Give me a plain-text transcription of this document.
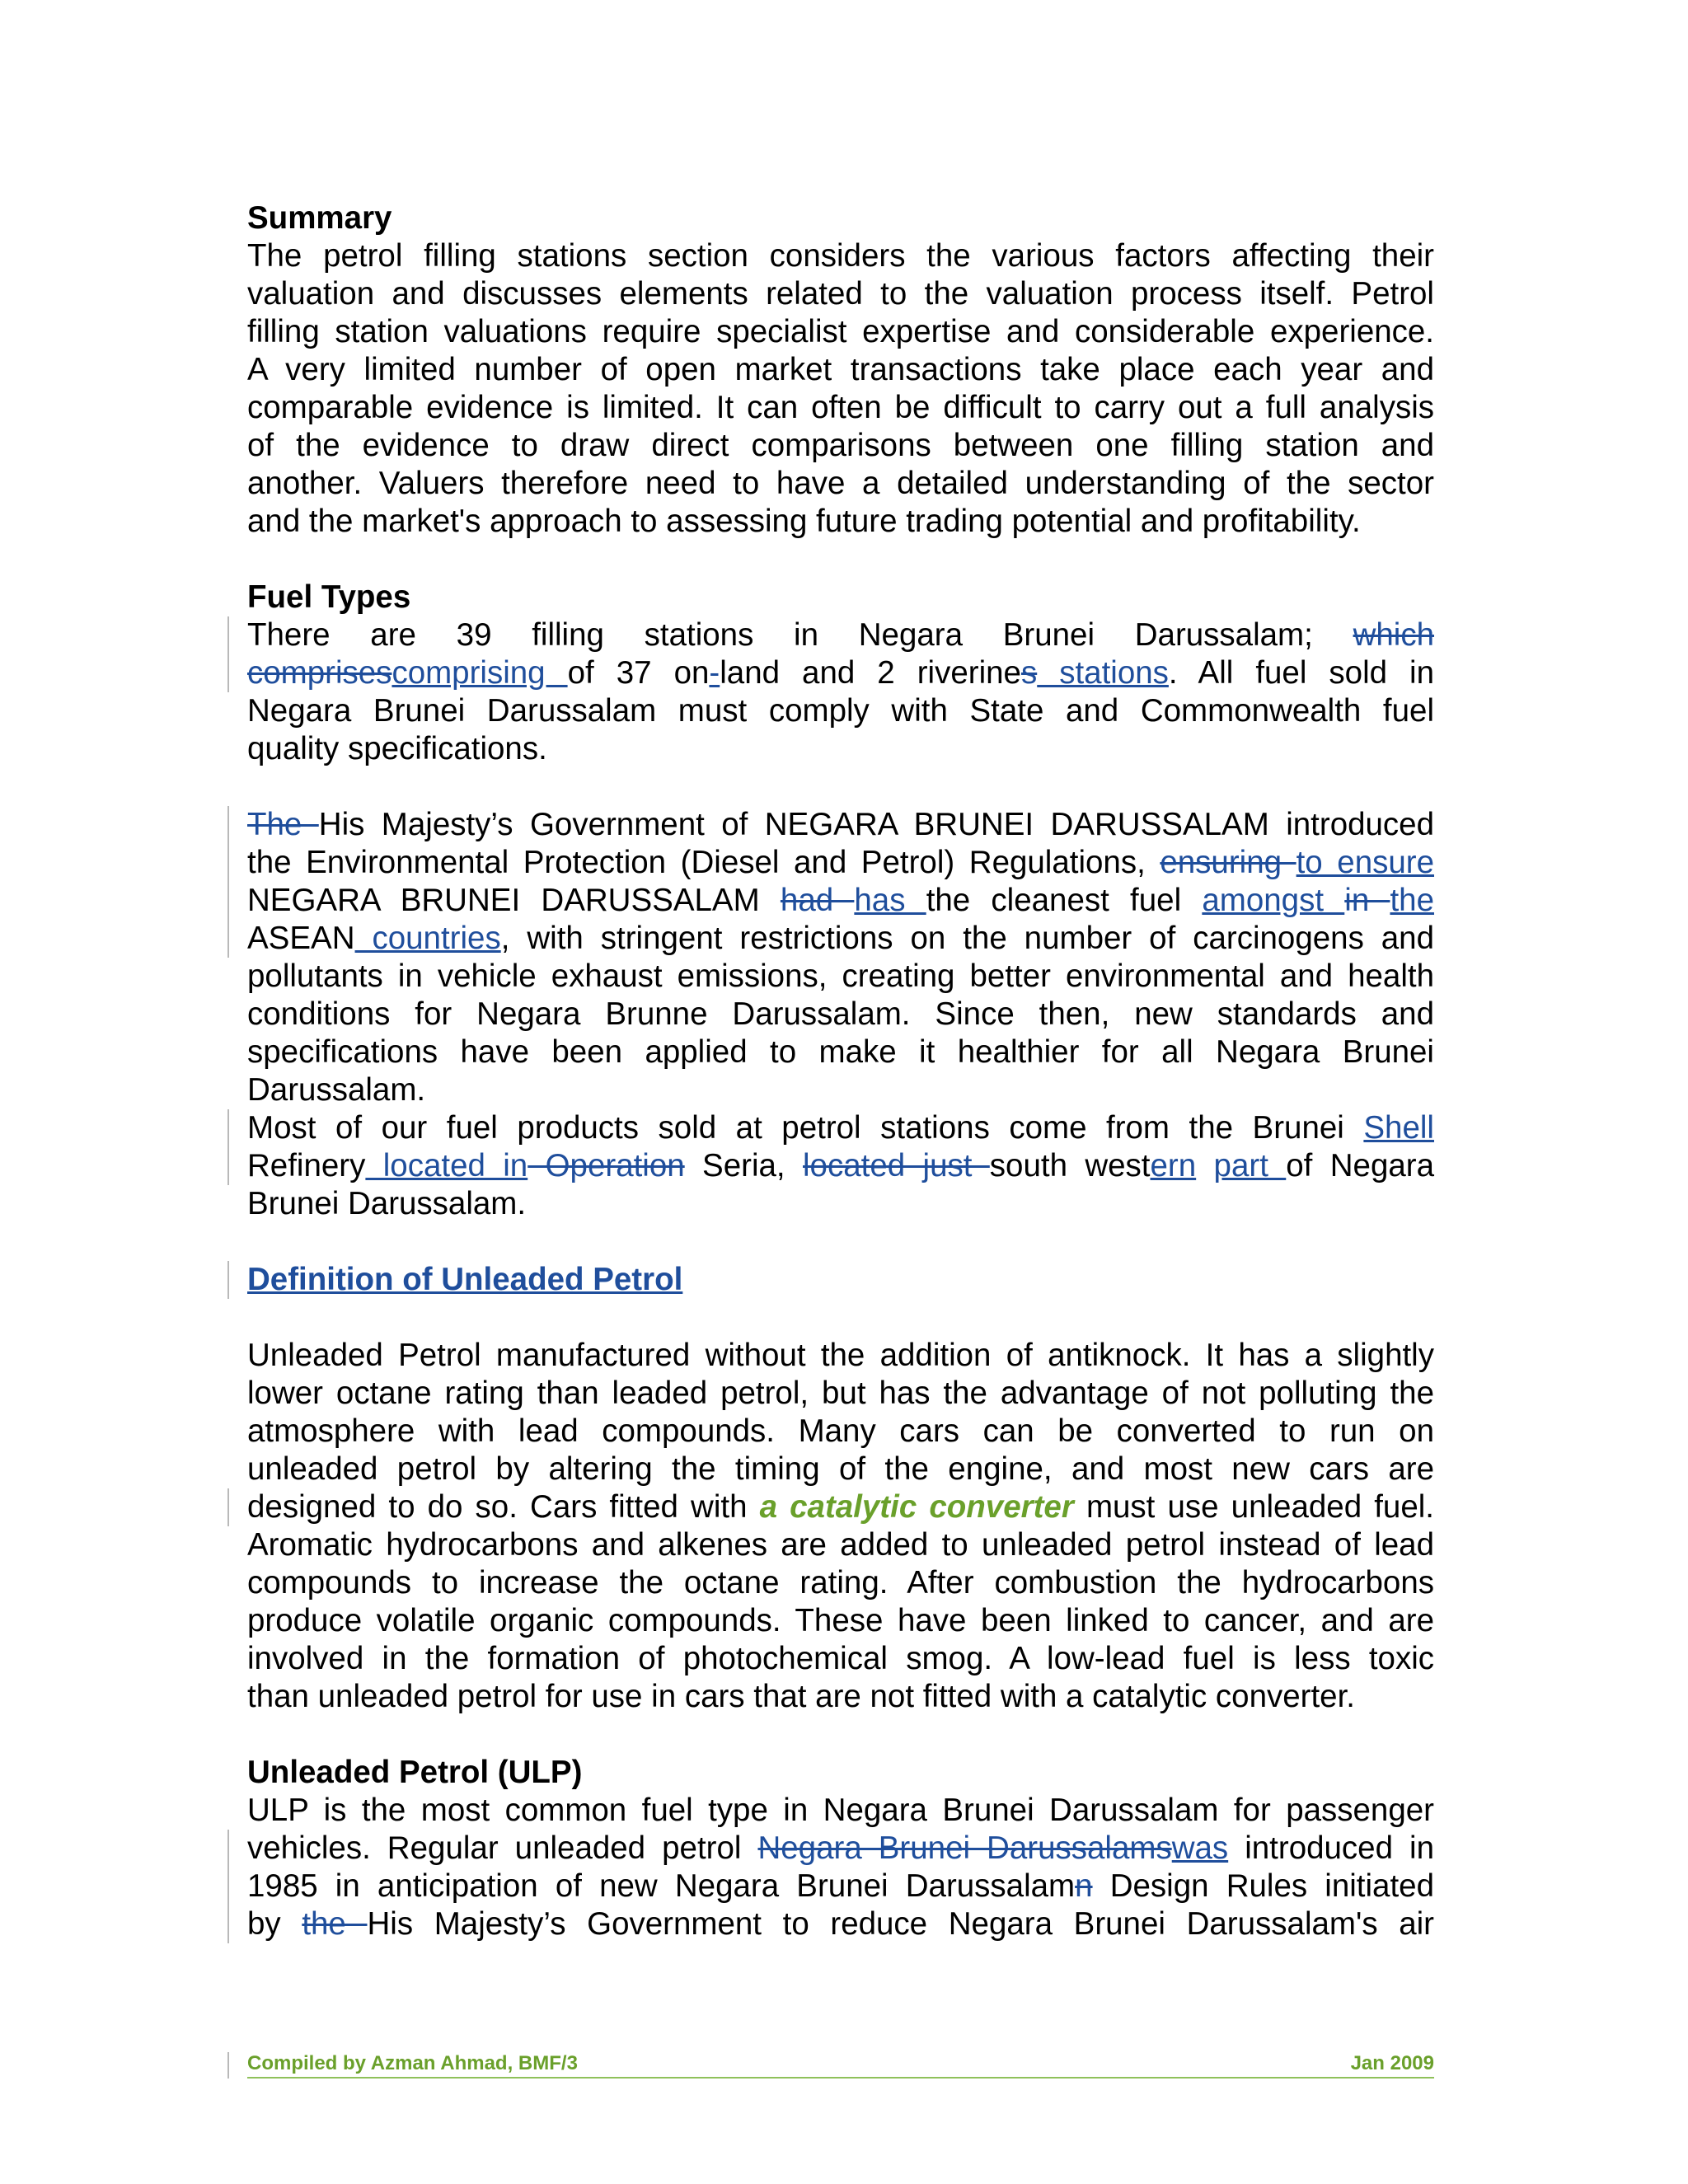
Summary
The petrol filling stations section considers the various factors affecting their
valuation and discusses elements related to the valuation process itself. Petrol
filling station valuations require specialist expertise and considerable experience.
A very limited number of open market transactions take place each year and
comparable evidence is limited. It can often be difficult to carry out a full analysis
of the evidence to draw direct comparisons between one filling station and
another. Valuers therefore need to have a detailed understanding of the sector
and the market's approach to assessing future trading potential and profitability.
Fuel Types
There are 39 filling stations in Negara Brunei Darussalam; which
comprisescomprising of 37 on-land and 2 riverines stations. All fuel sold in
Negara Brunei Darussalam must comply with State and Commonwealth fuel
quality specifications.
The His Majesty’s Government of NEGARA BRUNEI DARUSSALAM introduced
the Environmental Protection (Diesel and Petrol) Regulations, ensuring to ensure
NEGARA BRUNEI DARUSSALAM had has the cleanest fuel amongst in the
ASEAN countries, with stringent restrictions on the number of carcinogens and
pollutants in vehicle exhaust emissions, creating better environmental and health
conditions for Negara Brunne Darussalam. Since then, new standards and
specifications have been applied to make it healthier for all Negara Brunei
Darussalam.
Most of our fuel products sold at petrol stations come from the Brunei Shell
Refinery located in Operation Seria, located just south western part of Negara
Brunei Darussalam.
Definition of Unleaded Petrol
Unleaded Petrol manufactured without the addition of antiknock. It has a slightly
lower octane rating than leaded petrol, but has the advantage of not polluting the
atmosphere with lead compounds. Many cars can be converted to run on
unleaded petrol by altering the timing of the engine, and most new cars are
designed to do so. Cars fitted with a catalytic converter must use unleaded fuel.
Aromatic hydrocarbons and alkenes are added to unleaded petrol instead of lead
compounds to increase the octane rating. After combustion the hydrocarbons
produce volatile organic compounds. These have been linked to cancer, and are
involved in the formation of photochemical smog. A low-lead fuel is less toxic
than unleaded petrol for use in cars that are not fitted with a catalytic converter.
Unleaded Petrol (ULP)
ULP is the most common fuel type in Negara Brunei Darussalam for passenger
vehicles. Regular unleaded petrol Negara Brunei Darussalamswas introduced in
1985 in anticipation of new Negara Brunei Darussalamn Design Rules initiated
by the His Majesty’s Government to reduce Negara Brunei Darussalam's air
Compiled by Azman Ahmad, BMF/3	Jan 2009
